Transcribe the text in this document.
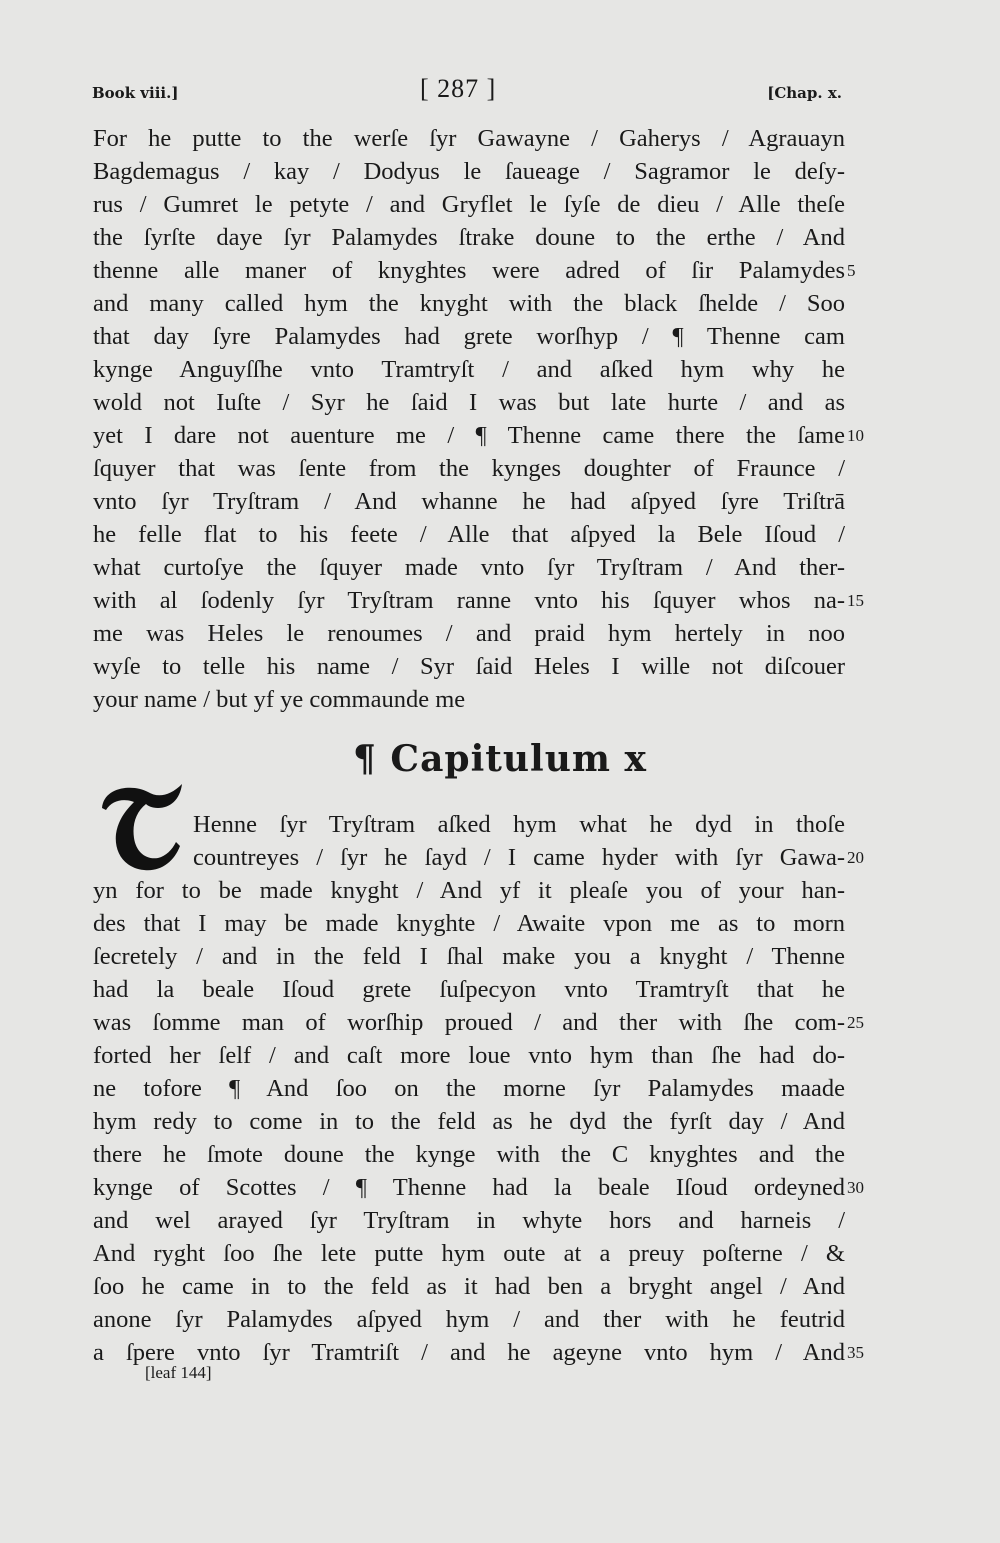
Book viii.]	[ 287 ]	[Chap. x.
For he putte to the werſe ſyr Gawayne / Gaherys / Agrauayn
Bagdemagus / kay / Dodyus le ſaueage / Sagramor le deſy-
rus / Gumret le petyte / and Gryflet le ſyſe de dieu / Alle theſe
the ſyrſte daye ſyr Palamydes ſtrake doune to the erthe / And
thenne alle maner of knyghtes were adred of ſir Palamydes 5
and many called hym the knyght with the black ſhelde / Soo
that day ſyre Palamydes had grete worſhyp / ¶ Thenne cam
kynge Anguyſſhe vnto Tramtryſt / and aſked hym why he
wold not Iuſte / Syr he ſaid I was but late hurte / and as
yet I dare not auenture me / ¶ Thenne came there the ſame 10
ſquyer that was ſente from the kynges doughter of Fraunce /
vnto ſyr Tryſtram / And whanne he had aſpyed ſyre Triſtrā
he felle flat to his feete / Alle that aſpyed la Bele Iſoud /
what curtoſye the ſquyer made vnto ſyr Tryſtram / And ther-
with al ſodenly ſyr Tryſtram ranne vnto his ſquyer whos na- 15
me was Heles le renoumes / and praid hym hertely in noo
wyſe to telle his name / Syr ſaid Heles I wille not diſcouer
your name / but yf ye commaunde me
¶ Capitulum x
Henne ſyr Tryſtram aſked hym what he dyd in thoſe
countreyes / ſyr he ſayd / I came hyder with ſyr Gawa- 20
yn for to be made knyght / And yf it pleaſe you of your han-
des that I may be made knyghte / Awaite vpon me as to morn
ſecretely / and in the feld I ſhal make you a knyght / Thenne
had la beale Iſoud grete ſuſpecyon vnto Tramtryſt that he
was ſomme man of worſhip proued / and ther with ſhe com- 25
forted her ſelf / and caſt more loue vnto hym than ſhe had do-
ne tofore ¶ And ſoo on the morne ſyr Palamydes maade
hym redy to come in to the feld as he dyd the fyrſt day / And
there he ſmote doune the kynge with the C knyghtes and the
kynge of Scottes / ¶ Thenne had la beale Iſoud ordeyned 30
and wel arayed ſyr Tryſtram in whyte hors and harneis /
And ryght ſoo ſhe lete putte hym oute at a preuy poſterne / &
ſoo he came in to the feld as it had ben a bryght angel / And
anone ſyr Palamydes aſpyed hym / and ther with he feutrid
a ſpere vnto ſyr Tramtriſt / and he ageyne vnto hym / And 35
[leaf 144]
